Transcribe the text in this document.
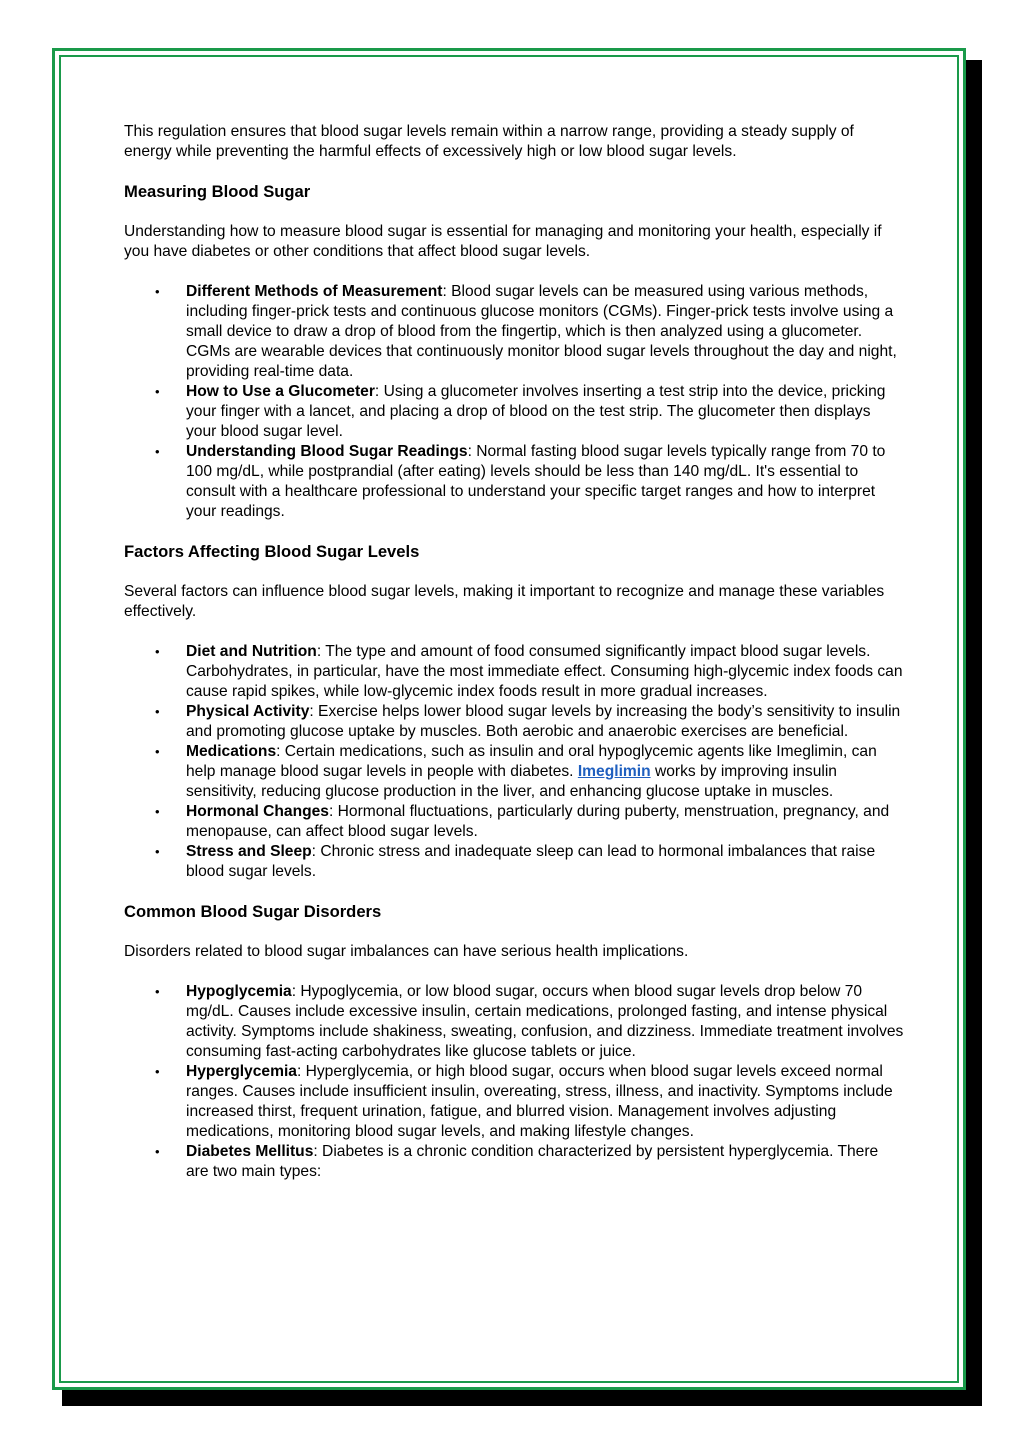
This regulation ensures that blood sugar levels remain within a narrow range, providing a steady supply of energy while preventing the harmful effects of excessively high or low blood sugar levels.

Measuring Blood Sugar

Understanding how to measure blood sugar is essential for managing and monitoring your health, especially if you have diabetes or other conditions that affect blood sugar levels.

• Different Methods of Measurement: Blood sugar levels can be measured using various methods, including finger-prick tests and continuous glucose monitors (CGMs). Finger-prick tests involve using a small device to draw a drop of blood from the fingertip, which is then analyzed using a glucometer. CGMs are wearable devices that continuously monitor blood sugar levels throughout the day and night, providing real-time data.
• How to Use a Glucometer: Using a glucometer involves inserting a test strip into the device, pricking your finger with a lancet, and placing a drop of blood on the test strip. The glucometer then displays your blood sugar level.
• Understanding Blood Sugar Readings: Normal fasting blood sugar levels typically range from 70 to 100 mg/dL, while postprandial (after eating) levels should be less than 140 mg/dL. It's essential to consult with a healthcare professional to understand your specific target ranges and how to interpret your readings.
Factors Affecting Blood Sugar Levels

Several factors can influence blood sugar levels, making it important to recognize and manage these variables effectively.

• Diet and Nutrition: The type and amount of food consumed significantly impact blood sugar levels. Carbohydrates, in particular, have the most immediate effect. Consuming high-glycemic index foods can cause rapid spikes, while low-glycemic index foods result in more gradual increases.
• Physical Activity: Exercise helps lower blood sugar levels by increasing the body’s sensitivity to insulin and promoting glucose uptake by muscles. Both aerobic and anaerobic exercises are beneficial.
• Medications: Certain medications, such as insulin and oral hypoglycemic agents like Imeglimin, can help manage blood sugar levels in people with diabetes. Imeglimin works by improving insulin sensitivity, reducing glucose production in the liver, and enhancing glucose uptake in muscles.
• Hormonal Changes: Hormonal fluctuations, particularly during puberty, menstruation, pregnancy, and menopause, can affect blood sugar levels.
• Stress and Sleep: Chronic stress and inadequate sleep can lead to hormonal imbalances that raise blood sugar levels.
Common Blood Sugar Disorders

Disorders related to blood sugar imbalances can have serious health implications.

• Hypoglycemia: Hypoglycemia, or low blood sugar, occurs when blood sugar levels drop below 70 mg/dL. Causes include excessive insulin, certain medications, prolonged fasting, and intense physical activity. Symptoms include shakiness, sweating, confusion, and dizziness. Immediate treatment involves consuming fast-acting carbohydrates like glucose tablets or juice.
• Hyperglycemia: Hyperglycemia, or high blood sugar, occurs when blood sugar levels exceed normal ranges. Causes include insufficient insulin, overeating, stress, illness, and inactivity. Symptoms include increased thirst, frequent urination, fatigue, and blurred vision. Management involves adjusting medications, monitoring blood sugar levels, and making lifestyle changes.
• Diabetes Mellitus: Diabetes is a chronic condition characterized by persistent hyperglycemia. There are two main types:
